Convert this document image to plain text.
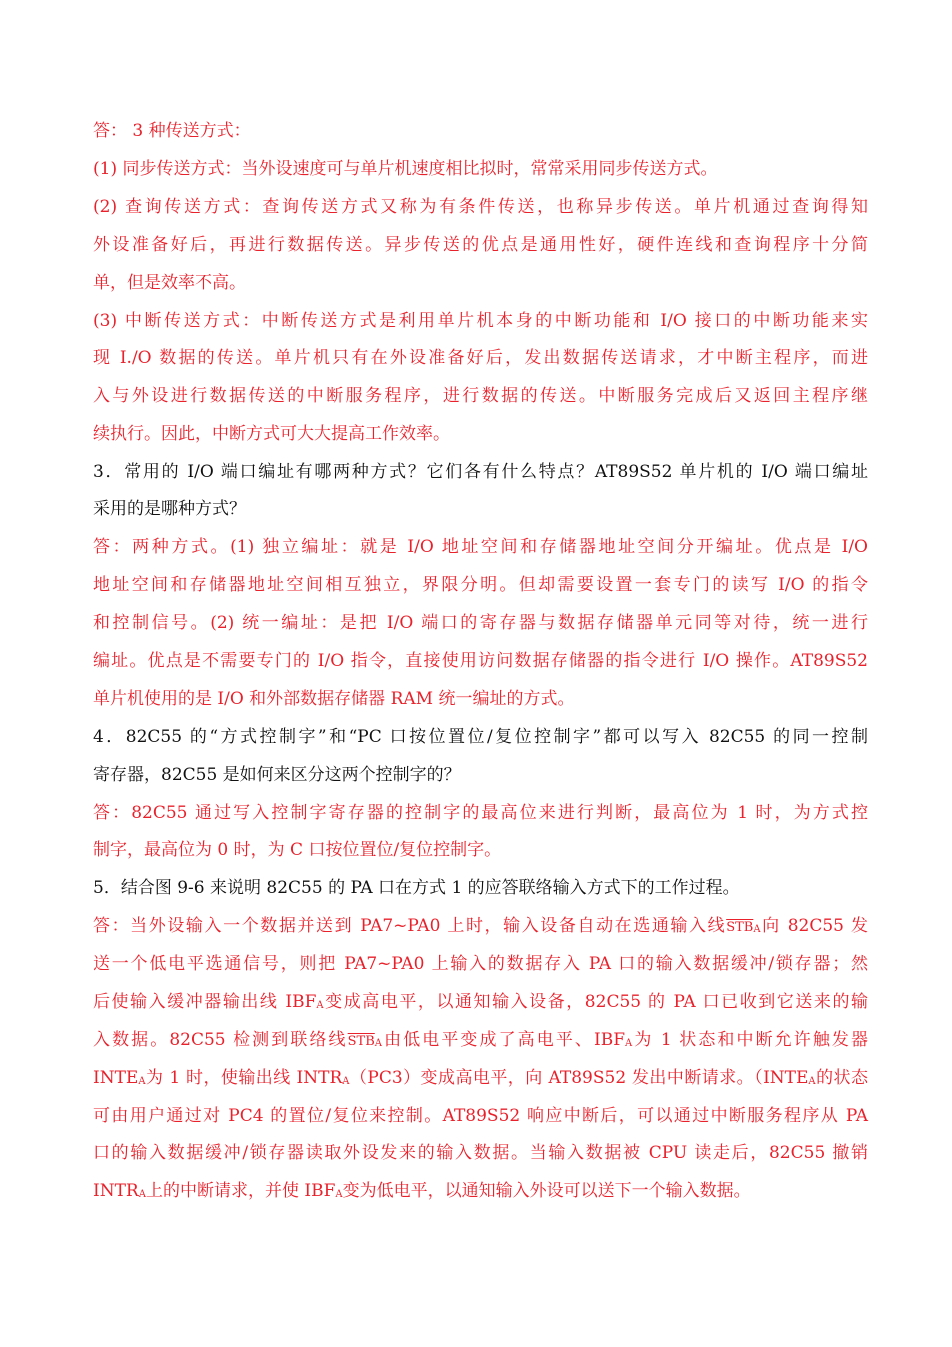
答： 3 种传送方式：
(1) 同步传送方式：当外设速度可与单片机速度相比拟时，常常采用同步传送方式。
(2) 查询传送方式：查询传送方式又称为有条件传送，也称异步传送。单片机通过查询得知
外设准备好后，再进行数据传送。异步传送的优点是通用性好，硬件连线和查询程序十分简
单，但是效率不高。
(3) 中断传送方式：中断传送方式是利用单片机本身的中断功能和 I/O 接口的中断功能来实
现 I./O 数据的传送。单片机只有在外设准备好后，发出数据传送请求，才中断主程序，而进
入与外设进行数据传送的中断服务程序，进行数据的传送。中断服务完成后又返回主程序继
续执行。因此，中断方式可大大提高工作效率。
3．常用的 I/O 端口编址有哪两种方式？它们各有什么特点？AT89S52 单片机的 I/O 端口编址
采用的是哪种方式？
答：两种方式。(1) 独立编址：就是 I/O 地址空间和存储器地址空间分开编址。优点是 I/O
地址空间和存储器地址空间相互独立，界限分明。但却需要设置一套专门的读写 I/O 的指令
和控制信号。(2) 统一编址：是把 I/O 端口的寄存器与数据存储器单元同等对待，统一进行
编址。优点是不需要专门的 I/O 指令，直接使用访问数据存储器的指令进行 I/O 操作。AT89S52
单片机使用的是 I/O 和外部数据存储器 RAM 统一编址的方式。
4．82C55 的“方式控制字”和“PC 口按位置位/复位控制字”都可以写入 82C55 的同一控制
寄存器，82C55 是如何来区分这两个控制字的？
答：82C55 通过写入控制字寄存器的控制字的最高位来进行判断，最高位为 1 时，为方式控
制字，最高位为 0 时，为 C 口按位置位/复位控制字。
5．结合图 9-6 来说明 82C55 的 PA 口在方式 1 的应答联络输入方式下的工作过程。
答：当外设输入一个数据并送到 PA7~PA0 上时，输入设备自动在选通输入线$\overline{STB}A$向 82C55 发
送一个低电平选通信号，则把 PA7~PA0 上输入的数据存入 PA 口的输入数据缓冲/锁存器；然
后使输入缓冲器输出线 IBFA变成高电平，以通知输入设备，82C55 的 PA 口已收到它送来的输
入数据。82C55 检测到联络线$\overline{STB}A$由低电平变成了高电平、IBFA为 1 状态和中断允许触发器
INTEA为 1 时，使输出线 INTRA（PC3）变成高电平，向 AT89S52 发出中断请求。（INTEA的状态
可由用户通过对 PC4 的置位/复位来控制。AT89S52 响应中断后，可以通过中断服务程序从 PA
口的输入数据缓冲/锁存器读取外设发来的输入数据。当输入数据被 CPU 读走后，82C55 撤销
INTRA上的中断请求，并使 IBFA变为低电平，以通知输入外设可以送下一个输入数据。
